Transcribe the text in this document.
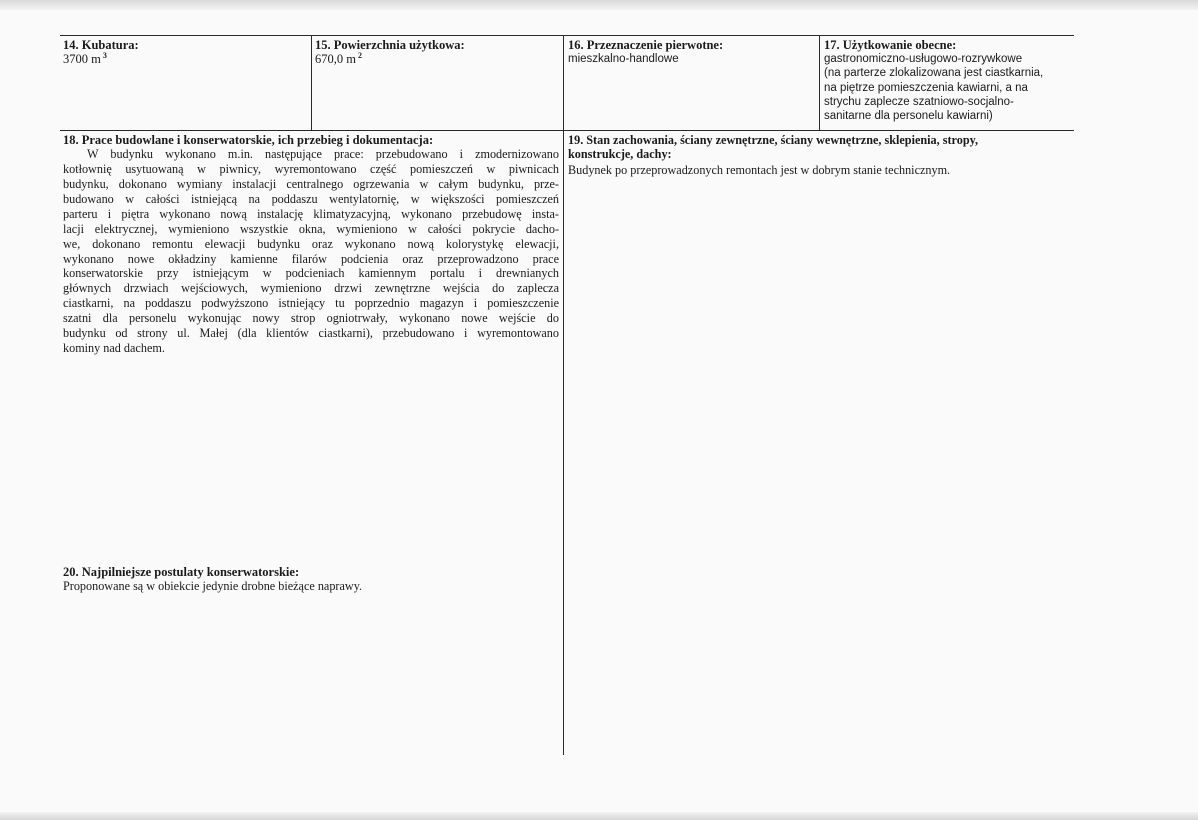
14. Kubatura:
3700 m $^3$
15. Powierzchnia użytkowa:
670,0 m $^2$
16. Przeznaczenie pierwotne:
mieszkalno-handlowe
17. Użytkowanie obecne:
gastronomiczno-usługowo-rozrywkowe
(na parterze zlokalizowana jest ciastkarnia,
na piętrze pomieszczenia kawiarni, a na
strychu zaplecze szatniowo-socjalno-
sanitarne dla personelu kawiarni)
18. Prace budowlane i konserwatorskie, ich przebieg i dokumentacja:
W budynku wykonano m.in. następujące prace: przebudowano i zmodernizowano
kotłownię usytuowaną w piwnicy, wyremontowano część pomieszczeń w piwnicach
budynku, dokonano wymiany instalacji centralnego ogrzewania w całym budynku, prze-
budowano w całości istniejącą na poddaszu wentylatornię, w większości pomieszczeń
parteru i piętra wykonano nową instalację klimatyzacyjną, wykonano przebudowę insta-
lacji elektrycznej, wymieniono wszystkie okna, wymieniono w całości pokrycie dacho-
we, dokonano remontu elewacji budynku oraz wykonano nową kolorystykę elewacji,
wykonano nowe okładziny kamienne filarów podcienia oraz przeprowadzono prace
konserwatorskie przy istniejącym w podcieniach kamiennym portalu i drewnianych
głównych drzwiach wejściowych, wymieniono drzwi zewnętrzne wejścia do zaplecza
ciastkarni, na poddaszu podwyższono istniejący tu poprzednio magazyn i pomieszczenie
szatni dla personelu wykonując nowy strop ogniotrwały, wykonano nowe wejście do
budynku od strony ul. Małej (dla klientów ciastkarni), przebudowano i wyremontowano
kominy nad dachem.
19. Stan zachowania, ściany zewnętrzne, ściany wewnętrzne, sklepienia, stropy,
konstrukcje, dachy:
Budynek po przeprowadzonych remontach jest w dobrym stanie technicznym.
20. Najpilniejsze postulaty konserwatorskie:
Proponowane są w obiekcie jedynie drobne bieżące naprawy.
